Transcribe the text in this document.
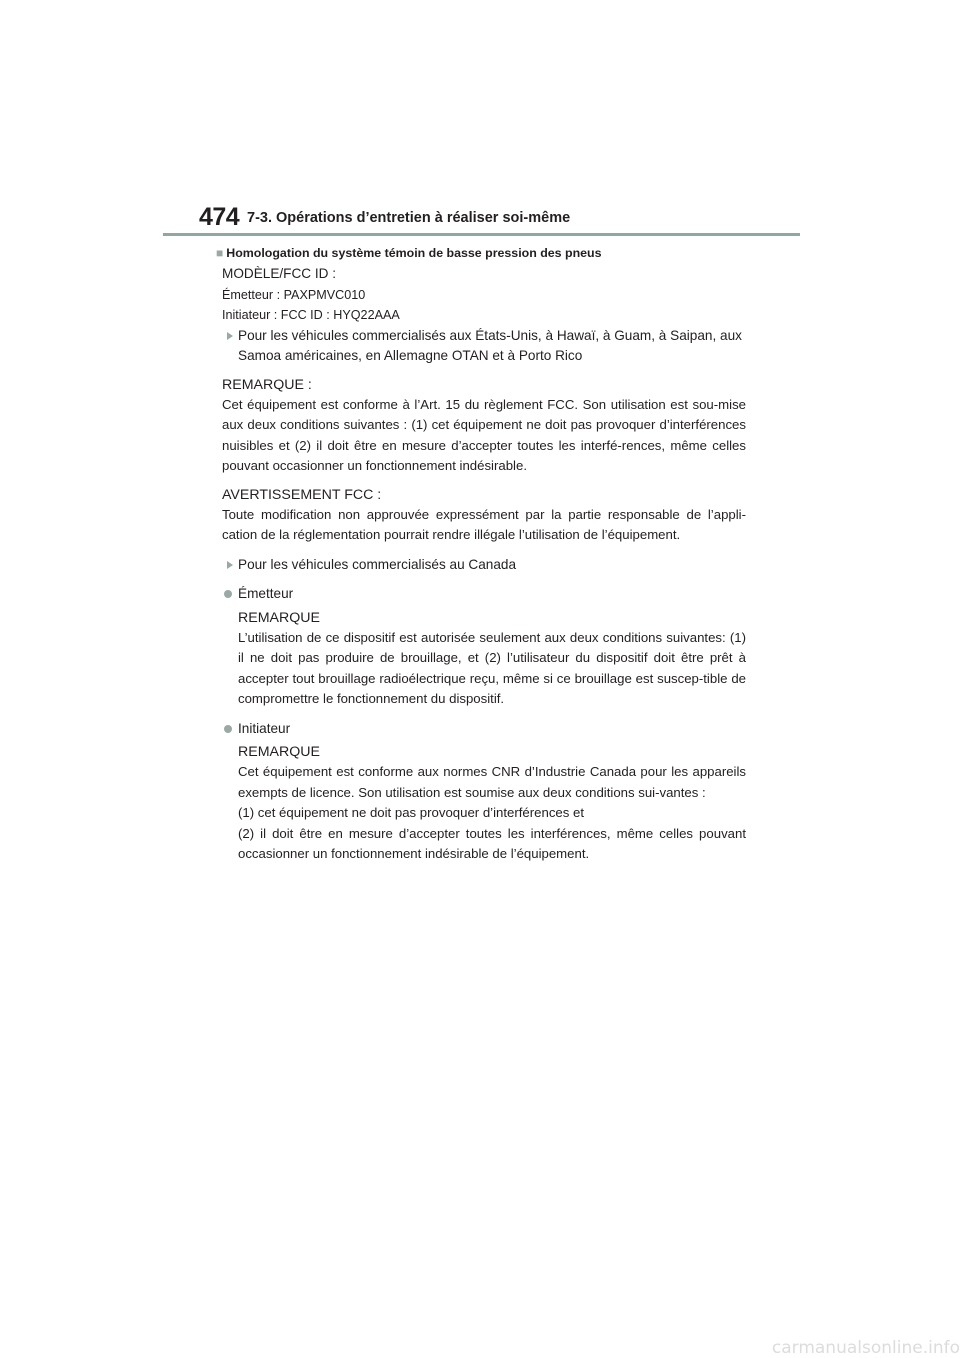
474 7-3. Opérations d’entretien à réaliser soi-même
■ Homologation du système témoin de basse pression des pneus
MODÈLE/FCC ID :
Émetteur : PAXPMVC010
Initiateur : FCC ID : HYQ22AAA
Pour les véhicules commercialisés aux États-Unis, à Hawaï, à Guam, à Saipan, aux
Samoa américaines, en Allemagne OTAN et à Porto Rico
REMARQUE :
Cet équipement est conforme à l’Art. 15 du règlement FCC. Son utilisation est sou-mise aux deux conditions suivantes : (1) cet équipement ne doit pas provoquer d’interférences nuisibles et (2) il doit être en mesure d’accepter toutes les interfé-rences, même celles pouvant occasionner un fonctionnement indésirable.
AVERTISSEMENT FCC :
Toute modification non approuvée expressément par la partie responsable de l’appli-cation de la réglementation pourrait rendre illégale l’utilisation de l’équipement.
Pour les véhicules commercialisés au Canada
Émetteur
REMARQUE
L’utilisation de ce dispositif est autorisée seulement aux deux conditions suivantes: (1) il ne doit pas produire de brouillage, et (2) l’utilisateur du dispositif doit être prêt à accepter tout brouillage radioélectrique reçu, même si ce brouillage est suscep-tible de compromettre le fonctionnement du dispositif.
Initiateur
REMARQUE
Cet équipement est conforme aux normes CNR d’Industrie Canada pour les appareils exempts de licence. Son utilisation est soumise aux deux conditions sui-vantes :
(1) cet équipement ne doit pas provoquer d’interférences et
(2) il doit être en mesure d’accepter toutes les interférences, même celles pouvant occasionner un fonctionnement indésirable de l’équipement.
carmanualsonline.info
